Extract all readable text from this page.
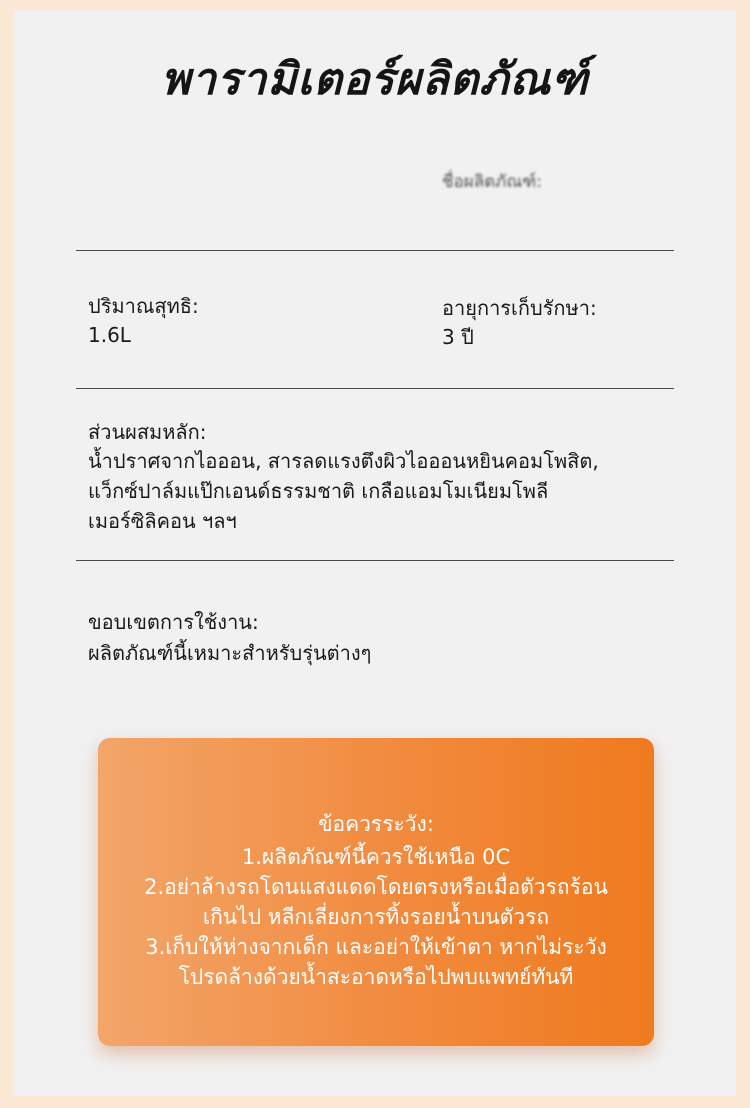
พารามิเตอร์ผลิตภัณฑ์
ชื่อผลิตภัณฑ์:
ปริมาณสุทธิ:
1.6L
อายุการเก็บรักษา:
3 ปี
ส่วนผสมหลัก:
น้ำปราศจากไอออน, สารลดแรงตึงผิวไอออนหยินคอมโพสิต,
แว็กซ์ปาล์มแป๊กเอนด์ธรรมชาติ เกลือแอมโมเนียมโพลี
เมอร์ซิลิคอน ฯลฯ
ขอบเขตการใช้งาน:
ผลิตภัณฑ์นี้เหมาะสำหรับรุ่นต่างๆ
ข้อควรระวัง:
1.ผลิตภัณฑ์นี้ควรใช้เหนือ 0C
2.อย่าล้างรถโดนแสงแดดโดยตรงหรือเมื่อตัวรถร้อน
เกินไป หลีกเลี่ยงการทิ้งรอยน้ำบนตัวรถ
3.เก็บให้ห่างจากเด็ก และอย่าให้เข้าตา หากไม่ระวัง
โปรดล้างด้วยน้ำสะอาดหรือไปพบแพทย์ทันที
